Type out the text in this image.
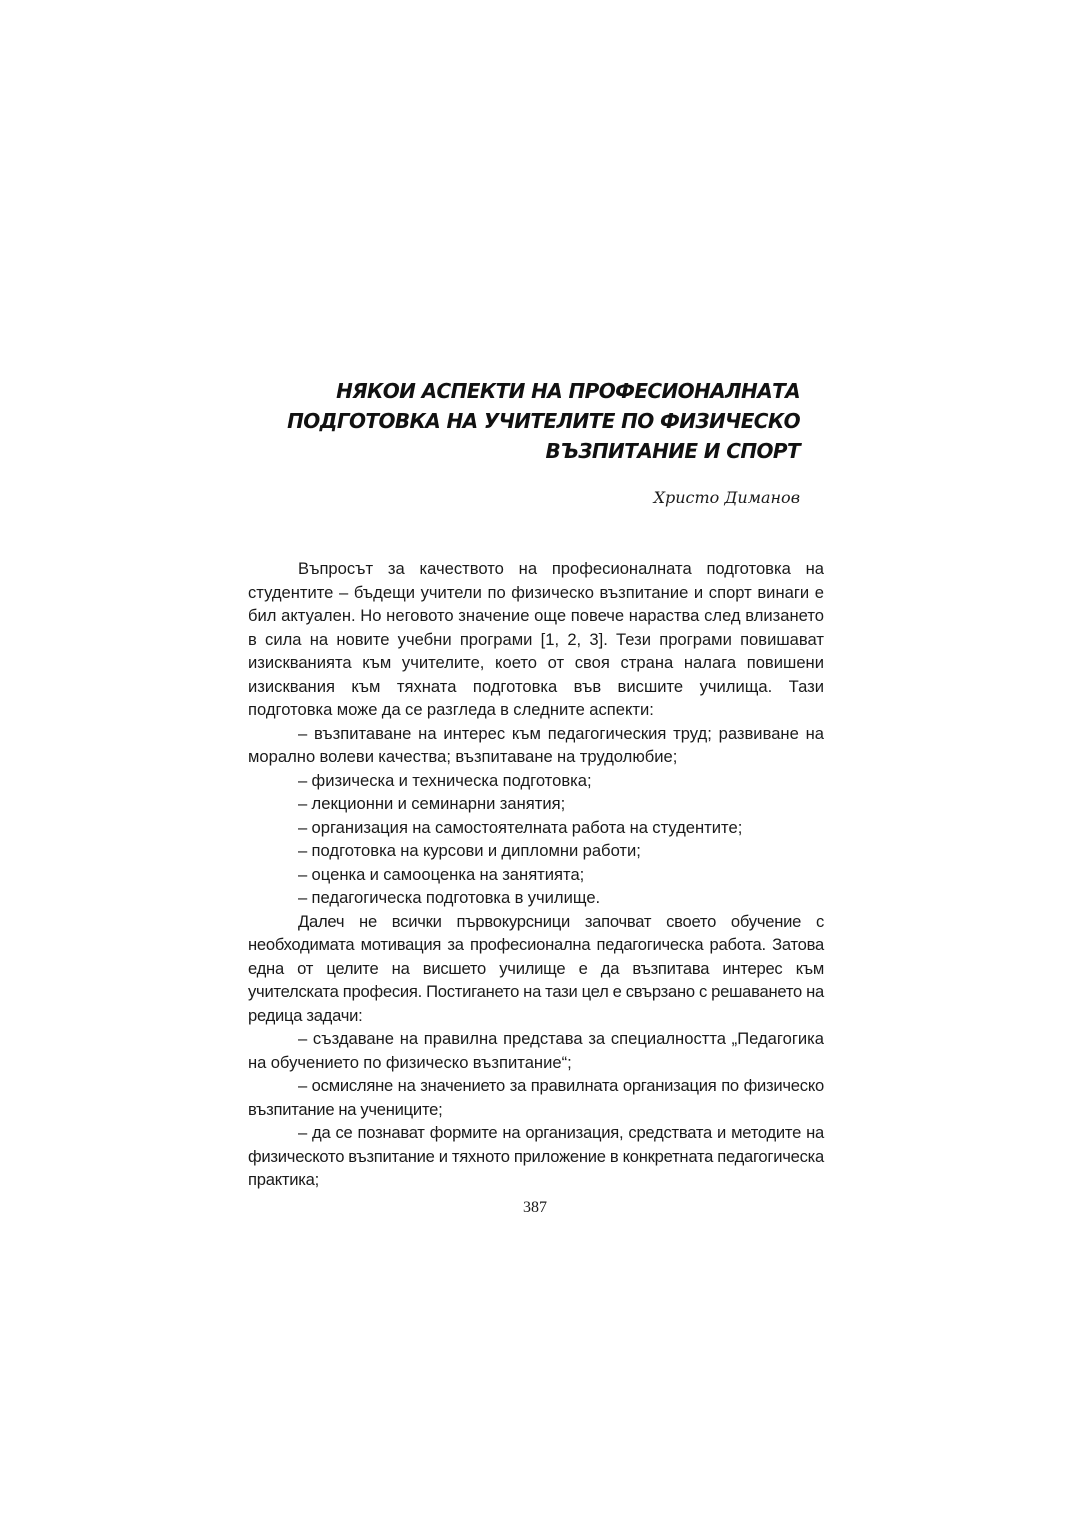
НЯКОИ АСПЕКТИ НА ПРОФЕСИОНАЛНАТА
ПОДГОТОВКА НА УЧИТЕЛИТЕ ПО ФИЗИЧЕСКО
ВЪЗПИТАНИЕ И СПОРТ
Христо Диманов

Въпросът за качеството на професионалната подготовка на студентите – бъдещи учители по физическо възпитание и спорт винаги е бил актуален. Но неговото значение още повече нараства след влизането в сила на новите учебни програми [1, 2, 3]. Тези програми повишават изискванията към учителите, което от своя страна налага повишени изисквания към тяхната подготовка във висшите училища. Тази подготовка може да се разгледа в следните аспекти:

– възпитаване на интерес към педагогическия труд; развиване на морално волеви качества; възпитаване на трудолюбие;

– физическа и техническа подготовка;

– лекционни и семинарни занятия;

– организация на самостоятелната работа на студентите;

– подготовка на курсови и дипломни работи;

– оценка и самооценка на занятията;

– педагогическа подготовка в училище.

Далеч не всички първокурсници започват своето обучение с необходимата мотивация за професионална педагогическа работа. Затова една от целите на висшето училище е да възпитава интерес към учителската професия. Постигането на тази цел е свързано с решаването на редица задачи:

– създаване на правилна представа за специалността „Педагогика на обучението по физическо възпитание“;

– осмисляне на значението за правилната организация по физическо възпитание на учениците;

– да се познават формите на организация, средствата и методите на физическото възпитание и тяхното приложение в конкретната педагогическа практика;

387
